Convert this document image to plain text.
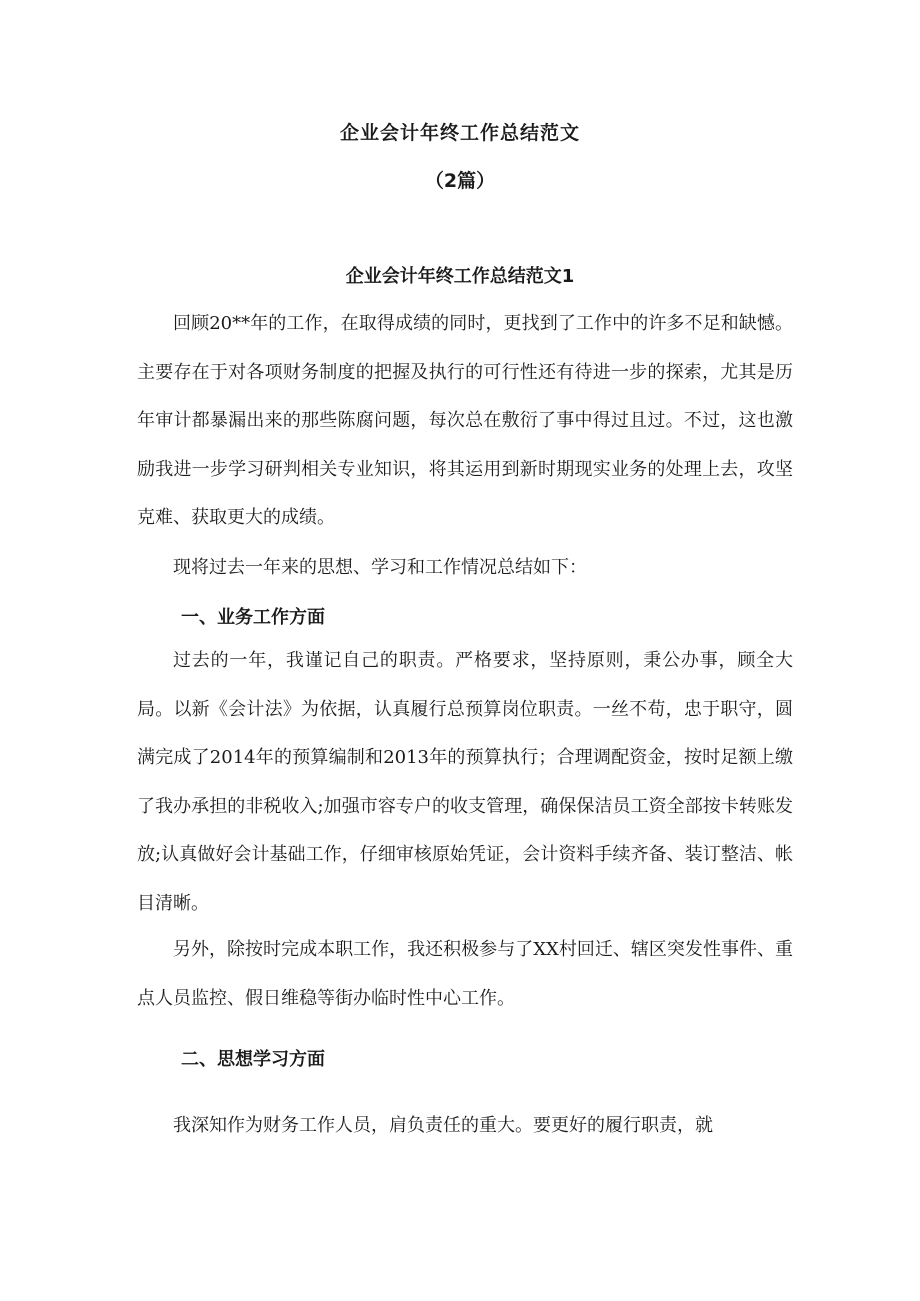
企业会计年终工作总结范文
（2篇）
企业会计年终工作总结范文1

回顾20**年的工作，在取得成绩的同时，更找到了工作中的许多不足和缺憾。主要存在于对各项财务制度的把握及执行的可行性还有待进一步的探索，尤其是历年审计都暴漏出来的那些陈腐问题，每次总在敷衍了事中得过且过。不过，这也激励我进一步学习研判相关专业知识，将其运用到新时期现实业务的处理上去，攻坚克难、获取更大的成绩。

现将过去一年来的思想、学习和工作情况总结如下：

一、业务工作方面

过去的一年，我谨记自己的职责。严格要求，坚持原则，秉公办事，顾全大局。以新《会计法》为依据，认真履行总预算岗位职责。一丝不苟，忠于职守，圆满完成了2014年的预算编制和2013年的预算执行；合理调配资金，按时足额上缴了我办承担的非税收入;加强市容专户的收支管理，确保保洁员工资全部按卡转账发放;认真做好会计基础工作，仔细审核原始凭证，会计资料手续齐备、装订整洁、帐目清晰。

另外，除按时完成本职工作，我还积极参与了XX村回迁、辖区突发性事件、重点人员监控、假日维稳等街办临时性中心工作。

二、思想学习方面

我深知作为财务工作人员，肩负责任的重大。要更好的履行职责，就
